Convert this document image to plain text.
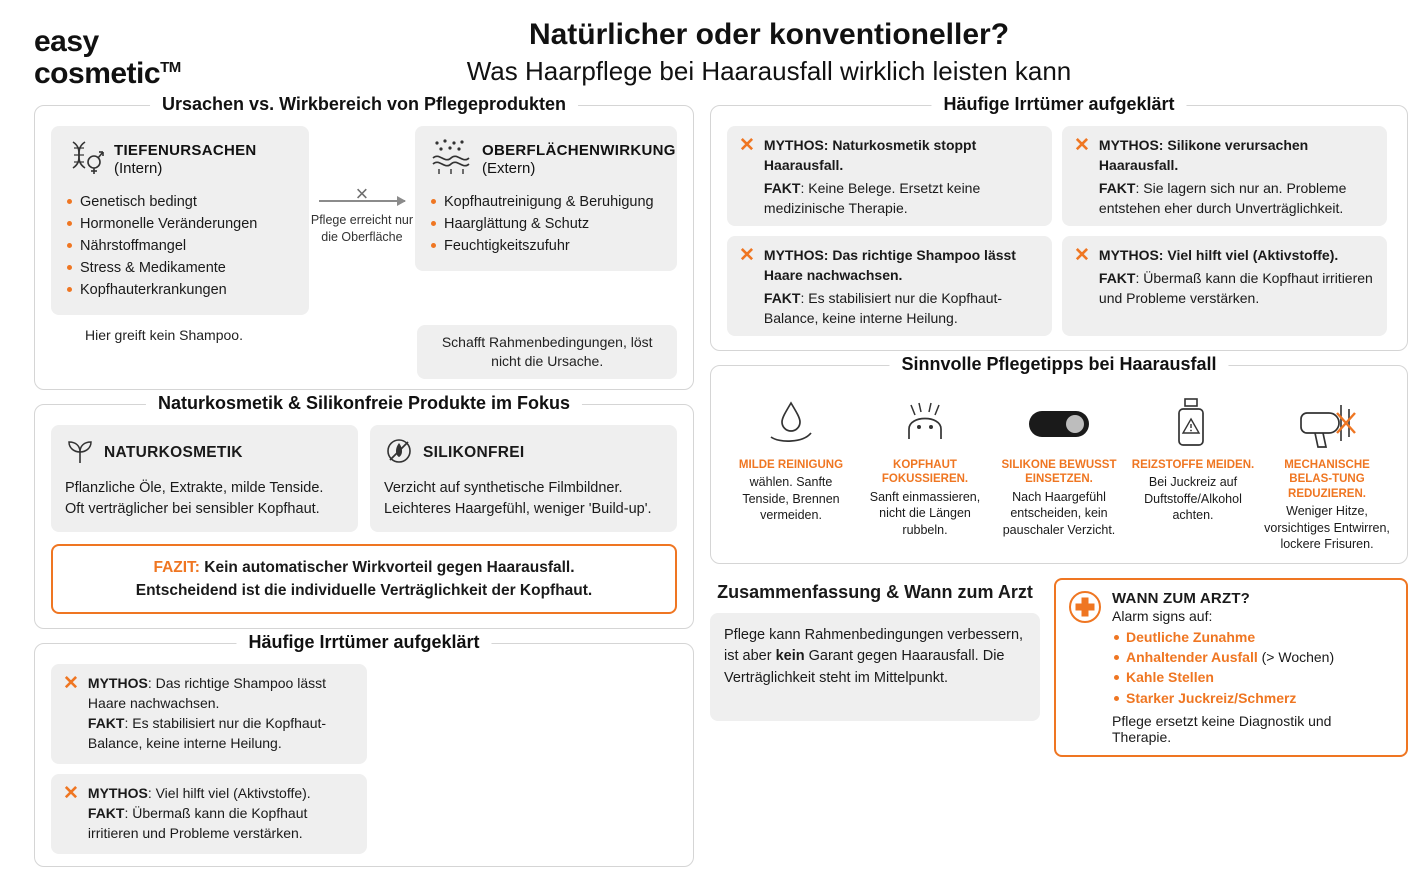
easy
cosmetic™
Natürlicher oder konventioneller?
Was Haarpflege bei Haarausfall wirklich leisten kann
Ursachen vs. Wirkbereich von Pflegeprodukten
TIEFENURSACHEN
(Intern)
Genetisch bedingt
Hormonelle Veränderungen
Nährstoffmangel
Stress & Medikamente
Kopfhauterkrankungen
×
Pflege erreicht nur die Oberfläche
OBERFLÄCHENWIRKUNG
(Extern)
Kopfhautreinigung & Beruhigung
Haarglättung & Schutz
Feuchtigkeitszufuhr
Hier greift kein Shampoo.	Schafft Rahmenbedingungen, löst nicht die Ursache.
Naturkosmetik & Silikonfreie Produkte im Fokus
NATURKOSMETIK
Pflanzliche Öle, Extrakte, milde Tenside. Oft verträglicher bei sensibler Kopfhaut.
SILIKONFREI
Verzicht auf synthetische Filmbildner. Leichteres Haargefühl, weniger 'Build-up'.
FAZIT: Kein automatischer Wirkvorteil gegen Haarausfall.
Entscheidend ist die individuelle Verträglichkeit der Kopfhaut.
Häufige Irrtümer aufgeklärt
✕ MYTHOS: Das richtige Shampoo lässt Haare nachwachsen.
FAKT: Es stabilisiert nur die Kopfhaut-Balance, keine interne Heilung.
✕ MYTHOS: Viel hilft viel (Aktivstoffe).
FAKT: Übermaß kann die Kopfhaut irritieren und Probleme verstärken.
Häufige Irrtümer aufgeklärt
✕ MYTHOS: Naturkosmetik stoppt Haarausfall.
FAKT: Keine Belege. Ersetzt keine medizinische Therapie.
✕ MYTHOS: Silikone verursachen Haarausfall.
FAKT: Sie lagern sich nur an. Probleme entstehen eher durch Unverträglichkeit.
✕ MYTHOS: Das richtige Shampoo lässt Haare nachwachsen.
FAKT: Es stabilisiert nur die Kopfhaut-Balance, keine interne Heilung.
✕ MYTHOS: Viel hilft viel (Aktivstoffe).
FAKT: Übermaß kann die Kopfhaut irritieren und Probleme verstärken.
Sinnvolle Pflegetipps bei Haarausfall
MILDE REINIGUNG
wählen. Sanfte Tenside, Brennen vermeiden.
KOPFHAUT FOKUSSIEREN.
Sanft einmassieren, nicht die Längen rubbeln.
SILIKONE BEWUSST EINSETZEN.
Nach Haargefühl entscheiden, kein pauschaler Verzicht.
REIZSTOFFE MEIDEN.
Bei Juckreiz auf Duftstoffe/Alkohol achten.
MECHANISCHE BELAS-TUNG REDUZIEREN.
Weniger Hitze, vorsichtiges Entwirren, lockere Frisuren.
Zusammenfassung & Wann zum Arzt
Pflege kann Rahmenbedingungen verbessern, ist aber kein Garant gegen Haarausfall. Die Verträglichkeit steht im Mittelpunkt.
WANN ZUM ARZT?
Alarm signs auf:
Deutliche Zunahme
Anhaltender Ausfall (> Wochen)
Kahle Stellen
Starker Juckreiz/Schmerz
Pflege ersetzt keine Diagnostik und Therapie.
